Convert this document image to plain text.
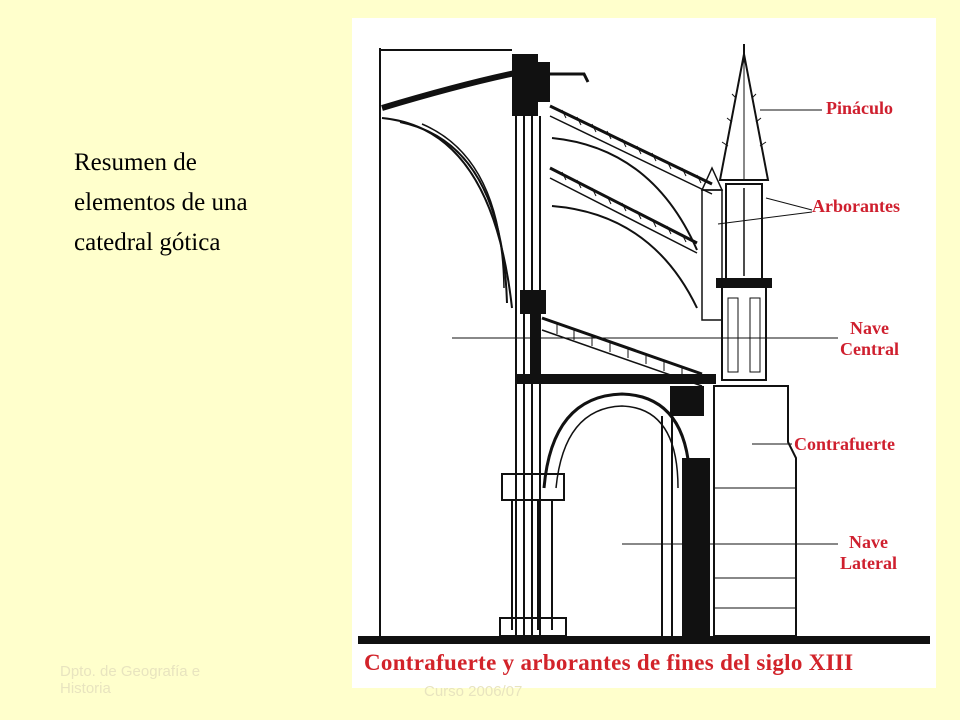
Resumen de
elementos de una
catedral gótica
Pináculo
Arborantes
Nave
Central
Contrafuerte
Nave
Lateral
Contrafuerte y arborantes de fines del siglo XIII
Dpto. de Geografía e
Historia	Curso 2006/07
